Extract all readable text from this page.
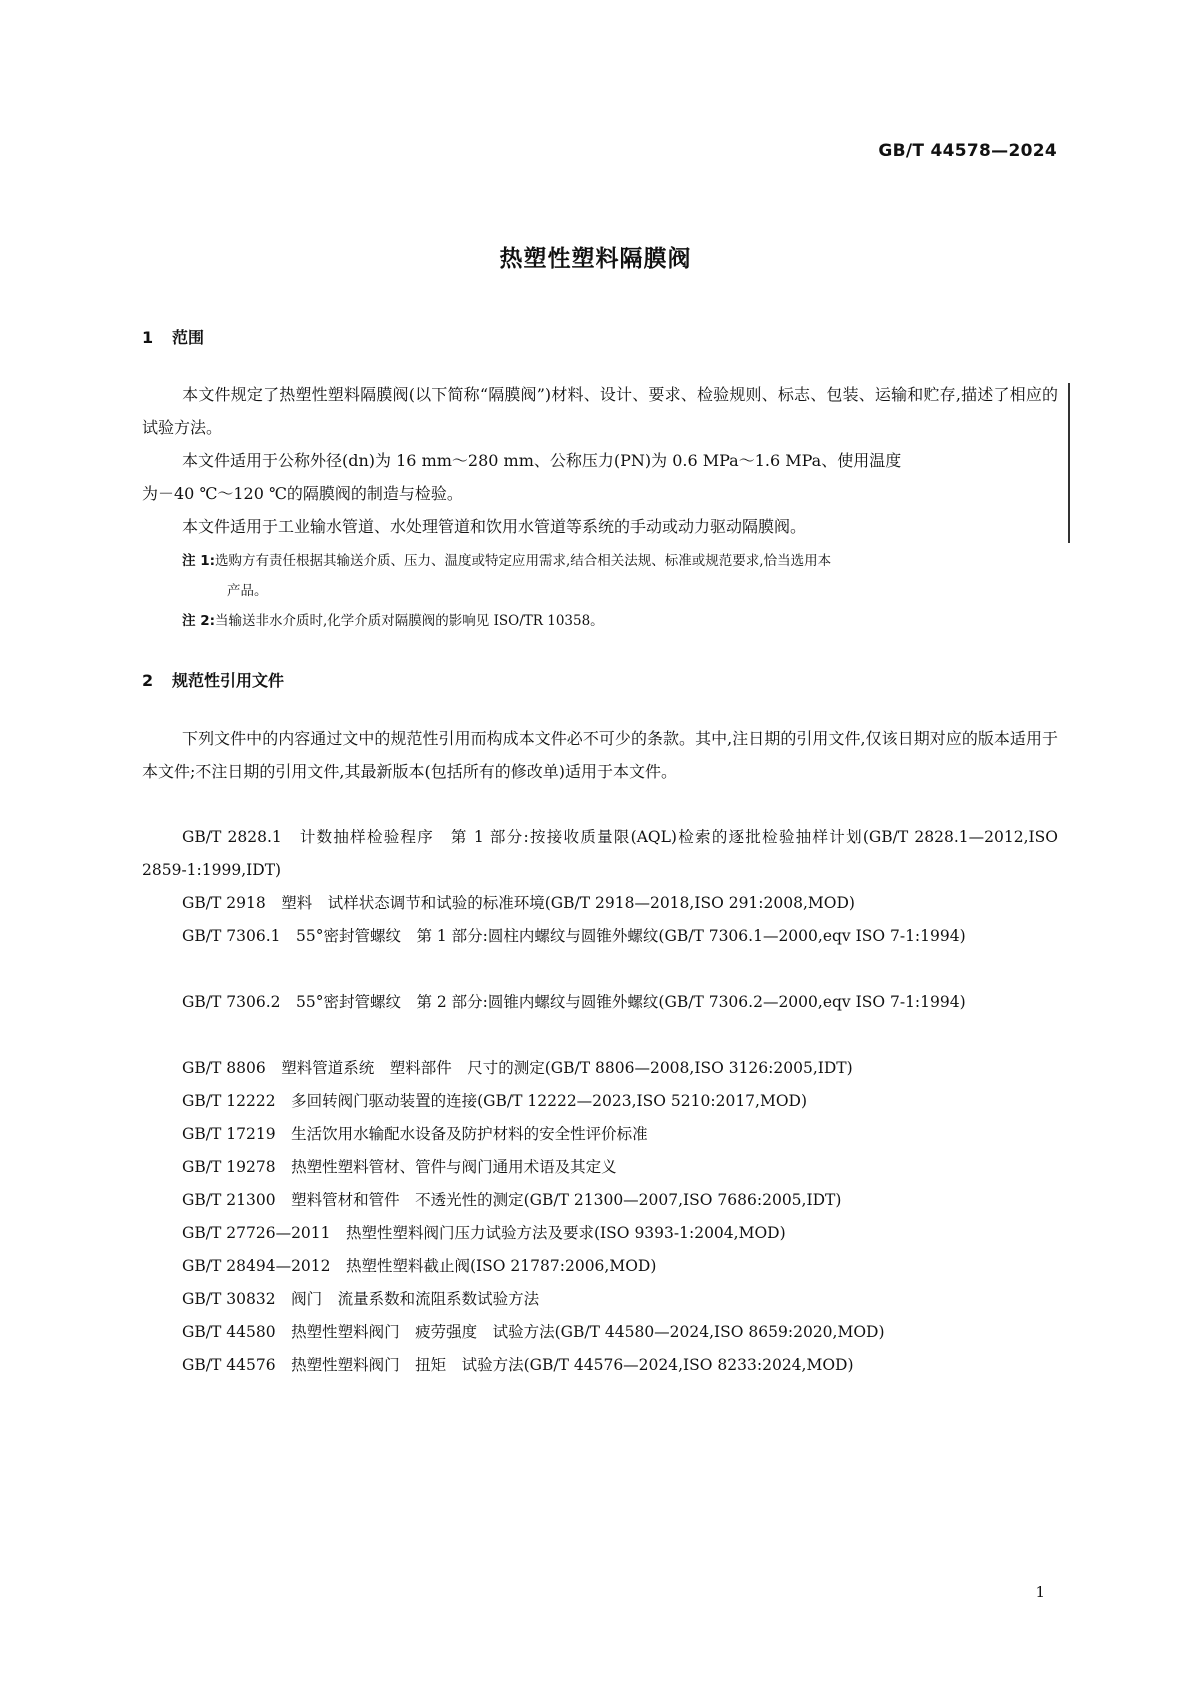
GB/T 44578—2024
热塑性塑料隔膜阀
1 范围
本文件规定了热塑性塑料隔膜阀(以下简称“隔膜阀”)材料、设计、要求、检验规则、标志、包装、运输和贮存,描述了相应的试验方法。
本文件适用于公称外径(dn)为 16 mm～280 mm、公称压力(PN)为 0.6 MPa～1.6 MPa、使用温度
为－40 ℃～120 ℃的隔膜阀的制造与检验。
本文件适用于工业输水管道、水处理管道和饮用水管道等系统的手动或动力驱动隔膜阀。
注 1:选购方有责任根据其输送介质、压力、温度或特定应用需求,结合相关法规、标准或规范要求,恰当选用本
产品。
注 2:当输送非水介质时,化学介质对隔膜阀的影响见 ISO/TR 10358。
2 规范性引用文件
下列文件中的内容通过文中的规范性引用而构成本文件必不可少的条款。其中,注日期的引用文件,仅该日期对应的版本适用于本文件;不注日期的引用文件,其最新版本(包括所有的修改单)适用于本文件。
GB/T 2828.1　计数抽样检验程序　第 1 部分:按接收质量限(AQL)检索的逐批检验抽样计划(GB/T 2828.1—2012,ISO 2859-1:1999,IDT)
GB/T 2918　塑料　试样状态调节和试验的标准环境(GB/T 2918—2018,ISO 291:2008,MOD)
GB/T 7306.1　55°密封管螺纹　第 1 部分:圆柱内螺纹与圆锥外螺纹(GB/T 7306.1—2000,eqv ISO 7-1:1994)
GB/T 7306.2　55°密封管螺纹　第 2 部分:圆锥内螺纹与圆锥外螺纹(GB/T 7306.2—2000,eqv ISO 7-1:1994)
GB/T 8806　塑料管道系统　塑料部件　尺寸的测定(GB/T 8806—2008,ISO 3126:2005,IDT)
GB/T 12222　多回转阀门驱动装置的连接(GB/T 12222—2023,ISO 5210:2017,MOD)
GB/T 17219　生活饮用水输配水设备及防护材料的安全性评价标准
GB/T 19278　热塑性塑料管材、管件与阀门通用术语及其定义
GB/T 21300　塑料管材和管件　不透光性的测定(GB/T 21300—2007,ISO 7686:2005,IDT)
GB/T 27726—2011　热塑性塑料阀门压力试验方法及要求(ISO 9393-1:2004,MOD)
GB/T 28494—2012　热塑性塑料截止阀(ISO 21787:2006,MOD)
GB/T 30832　阀门　流量系数和流阻系数试验方法
GB/T 44580　热塑性塑料阀门　疲劳强度　试验方法(GB/T 44580—2024,ISO 8659:2020,MOD)
GB/T 44576　热塑性塑料阀门　扭矩　试验方法(GB/T 44576—2024,ISO 8233:2024,MOD)
1
